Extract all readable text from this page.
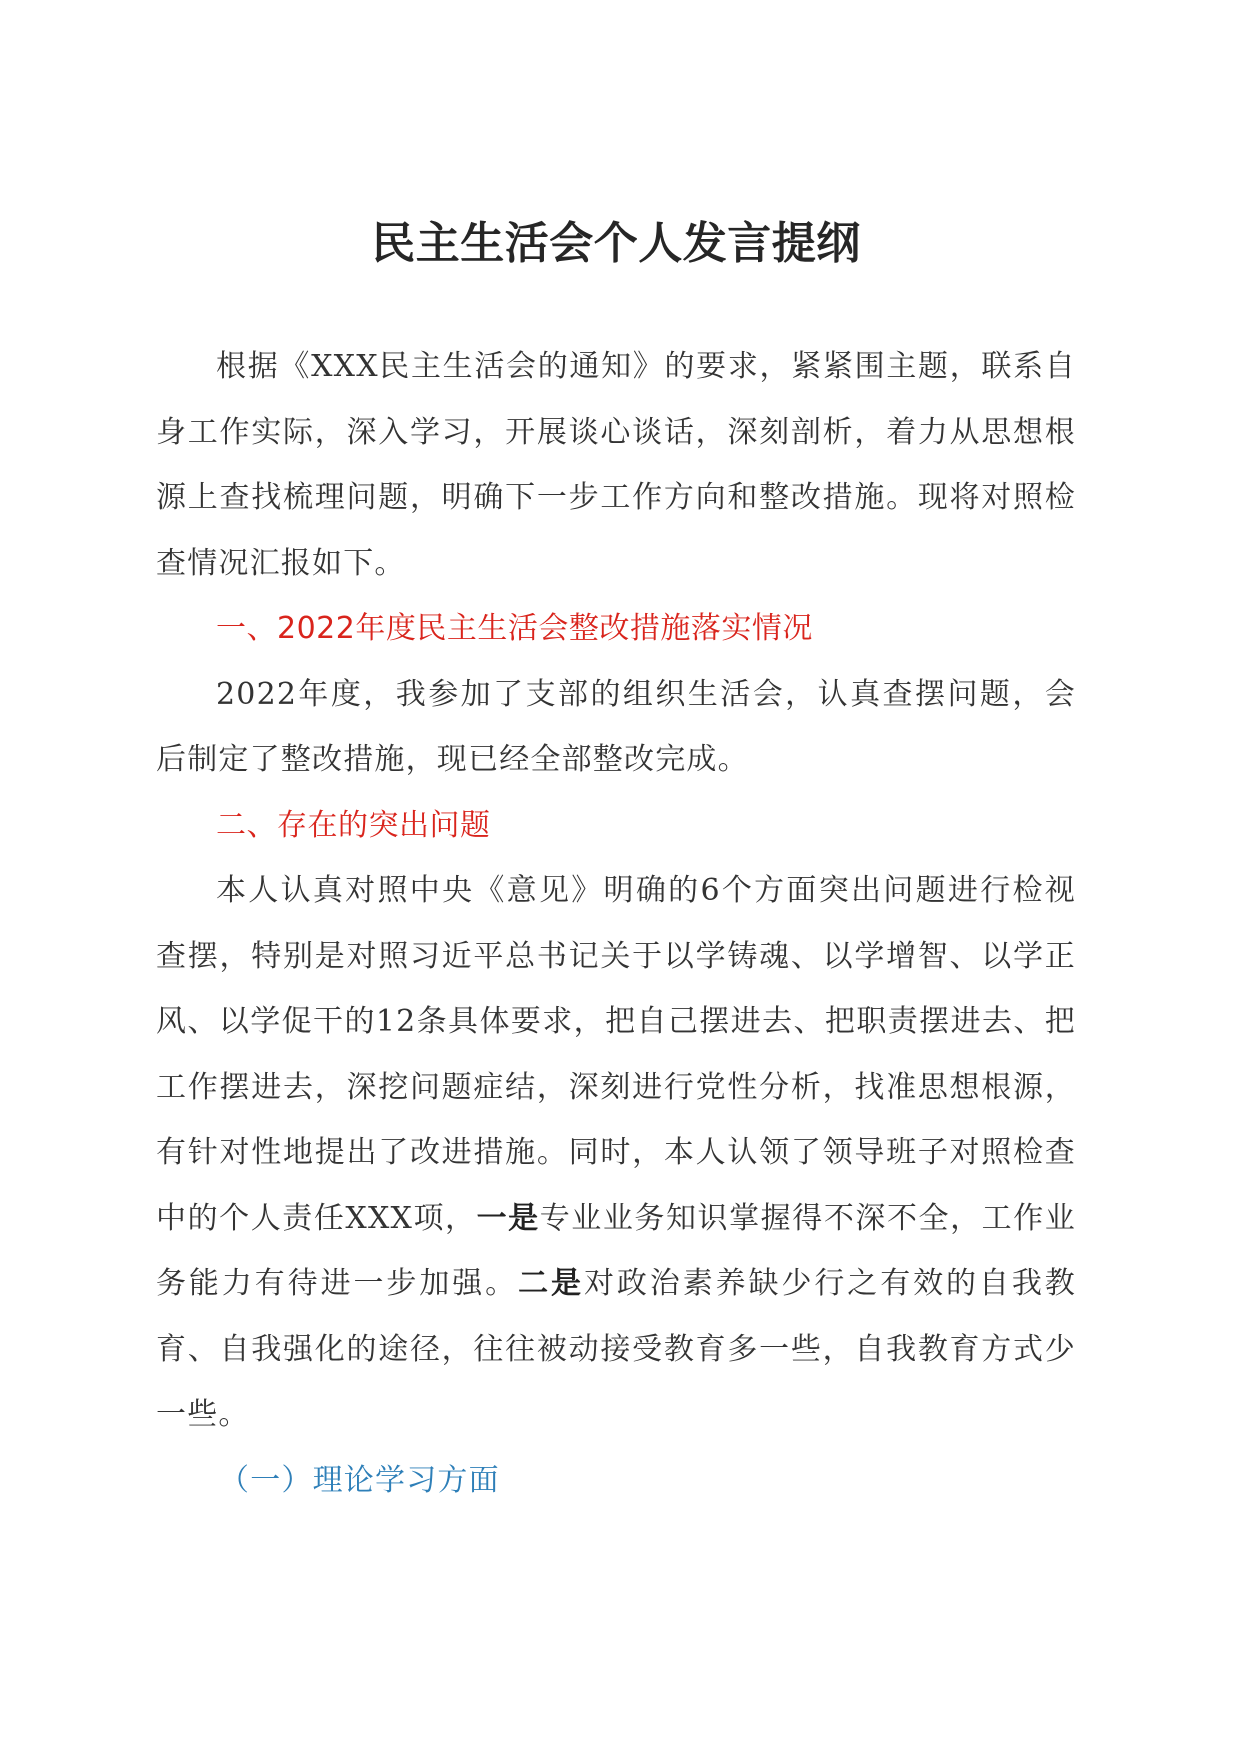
民主生活会个人发言提纲

根据《XXX民主生活会的通知》的要求，紧紧围主题，联系自身工作实际，深入学习，开展谈心谈话，深刻剖析，着力从思想根源上查找梳理问题，明确下一步工作方向和整改措施。现将对照检查情况汇报如下。

一、2022年度民主生活会整改措施落实情况

2022年度，我参加了支部的组织生活会，认真查摆问题，会后制定了整改措施，现已经全部整改完成。

二、存在的突出问题

本人认真对照中央《意见》明确的6个方面突出问题进行检视查摆，特别是对照习近平总书记关于以学铸魂、以学增智、以学正风、以学促干的12条具体要求，把自己摆进去、把职责摆进去、把工作摆进去，深挖问题症结，深刻进行党性分析，找准思想根源，有针对性地提出了改进措施。同时，本人认领了领导班子对照检查中的个人责任XXX项，一是专业业务知识掌握得不深不全，工作业务能力有待进一步加强。二是对政治素养缺少行之有效的自我教育、自我强化的途径，往往被动接受教育多一些，自我教育方式少一些。

（一）理论学习方面
